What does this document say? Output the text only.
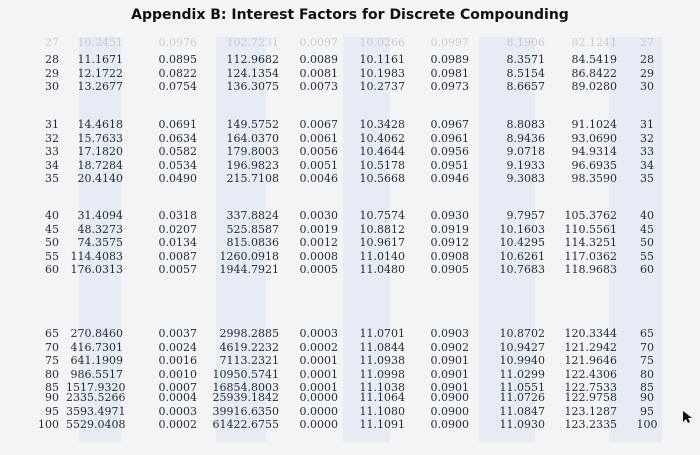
Appendix B: Interest Factors for Discrete Compounding
27
28
29
30
31
32
33
34
35
40
45
50
55
60
65
70
75
80
85
90
95
100
10.2451
11.1671
12.1722
13.2677
14.4618
15.7633
17.1820
18.7284
20.4140
31.4094
48.3273
74.3575
114.4083
176.0313
270.8460
416.7301
641.1909
986.5517
1517.9320
2335.5266
3593.4971
5529.0408
0.0976
0.0895
0.0822
0.0754
0.0691
0.0634
0.0582
0.0534
0.0490
0.0318
0.0207
0.0134
0.0087
0.0057
0.0037
0.0024
0.0016
0.0010
0.0007
0.0004
0.0003
0.0002
102.7231
112.9682
124.1354
136.3075
149.5752
164.0370
179.8003
196.9823
215.7108
337.8824
525.8587
815.0836
1260.0918
1944.7921
2998.2885
4619.2232
7113.2321
10950.5741
16854.8003
25939.1842
39916.6350
61422.6755
0.0097
0.0089
0.0081
0.0073
0.0067
0.0061
0.0056
0.0051
0.0046
0.0030
0.0019
0.0012
0.0008
0.0005
0.0003
0.0002
0.0001
0.0001
0.0001
0.0000
0.0000
0.0000
10.0266
10.1161
10.1983
10.2737
10.3428
10.4062
10.4644
10.5178
10.5668
10.7574
10.8812
10.9617
11.0140
11.0480
11.0701
11.0844
11.0938
11.0998
11.1038
11.1064
11.1080
11.1091
0.0997
0.0989
0.0981
0.0973
0.0967
0.0961
0.0956
0.0951
0.0946
0.0930
0.0919
0.0912
0.0908
0.0905
0.0903
0.0902
0.0901
0.0901
0.0901
0.0900
0.0900
0.0900
8.1906
8.3571
8.5154
8.6657
8.8083
8.9436
9.0718
9.1933
9.3083
9.7957
10.1603
10.4295
10.6261
10.7683
10.8702
10.9427
10.9940
11.0299
11.0551
11.0726
11.0847
11.0930
82.1241
84.5419
86.8422
89.0280
91.1024
93.0690
94.9314
96.6935
98.3590
105.3762
110.5561
114.3251
117.0362
118.9683
120.3344
121.2942
121.9646
122.4306
122.7533
122.9758
123.1287
123.2335
27
28
29
30
31
32
33
34
35
40
45
50
55
60
65
70
75
80
85
90
95
100
